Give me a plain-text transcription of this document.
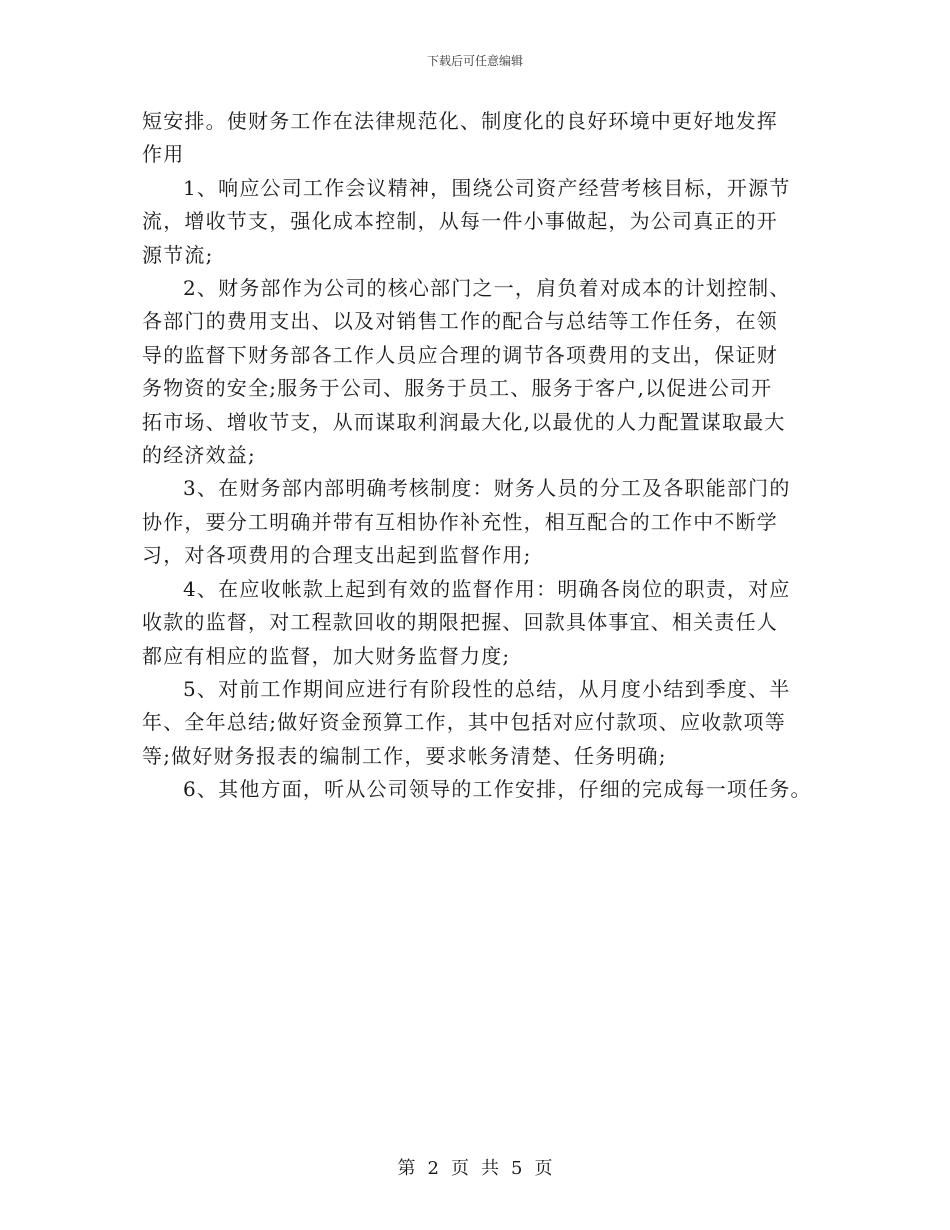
下载后可任意编辑
短安排。使财务工作在法律规范化、制度化的良好环境中更好地发挥
作用
1、响应公司工作会议精神，围绕公司资产经营考核目标，开源节
流，增收节支，强化成本控制，从每一件小事做起，为公司真正的开
源节流;
2、财务部作为公司的核心部门之一，肩负着对成本的计划控制、
各部门的费用支出、以及对销售工作的配合与总结等工作任务，在领
导的监督下财务部各工作人员应合理的调节各项费用的支出，保证财
务物资的安全;服务于公司、服务于员工、服务于客户,以促进公司开
拓市场、增收节支，从而谋取利润最大化,以最优的人力配置谋取最大
的经济效益;
3、在财务部内部明确考核制度：财务人员的分工及各职能部门的
协作，要分工明确并带有互相协作补充性，相互配合的工作中不断学
习，对各项费用的合理支出起到监督作用;
4、在应收帐款上起到有效的监督作用：明确各岗位的职责，对应
收款的监督，对工程款回收的期限把握、回款具体事宜、相关责任人
都应有相应的监督，加大财务监督力度;
5、对前工作期间应进行有阶段性的总结，从月度小结到季度、半
年、全年总结;做好资金预算工作，其中包括对应付款项、应收款项等
等;做好财务报表的编制工作，要求帐务清楚、任务明确;
6、其他方面，听从公司领导的工作安排，仔细的完成每一项任务。
第 2 页 共 5 页
